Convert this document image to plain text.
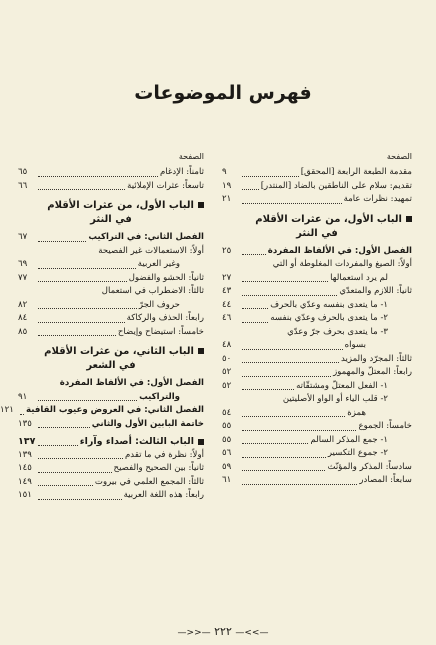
فهرس الموضوعات
الصفحة
مقدمة الطبعة الرابعة [المحقق]
٩
تقديم: سلام على الناطقين بالضاد [المنتدر]
١٩
تمهيد: نظرات عامة
٢١
الباب الأول، من عثرات الأقلام
في النثر
الفصل الأول: في الألفاظ المفردة
٢٥
أولاً: الصيغ والمفردات المغلوطة أو التي
لم يرد استعمالها
٢٧
ثانياً: اللازم والمتعدّي
٤٣
١- ما يتعدى بنفسه وعدّي بالحرف
٤٤
٢- ما يتعدى بالحرف وعدّي بنفسه
٤٦
٣- ما يتعدى بحرف جرّ وعدّي
بسواه
٤٨
ثالثاً: المجرّد والمزيد
٥٠
رابعاً: المعتلّ والمهموز
٥٢
١- الفعل المعتلّ ومشتقّاته
٥٢
٢- قلب الياء أو الواو الأصليتين
همزة
٥٤
خامساً: الجموع
٥٥
١- جمع المذكر السالم
٥٥
٢- جموع التكسير
٥٦
سادساً: المذكر والمؤنّث
٥٩
سابعاً: المصادر
٦١
الصفحة
ثامناً: الإدغام
٦٥
تاسعاً: عثرات الإملائية
٦٦
الباب الأول، من عثرات الأقلام
في النثر
الفصل الثاني: في التراكيب
٦٧
أولاً: الاستعمالات غير الفصيحة
وغير العربية
٦٩
ثانياً: الحشو والفضول
٧٧
ثالثاً: الاضطراب في استعمال
حروف الجرّ
٨٢
رابعاً: الحذف والركاكة
٨٤
خامساً: استيضاح وإيضاح
٨٥
الباب الثاني، من عثرات الأقلام
في الشعر
الفصل الأول: في الألفاظ المفردة
والتراكيب
٩١
الفصل الثاني: في العروض وعيوب القافية
١٢١
خاتمة البابين الأول والثاني
١٣٥
الباب الثالث: أصداء وآراء
١٣٧
أولاً: نظرة في ما تقدم
١٣٩
ثانياً: بين الصحيح والفصيح
١٤٥
ثالثاً: المجمع العلمي في بيروت
١٤٩
رابعاً: هذه اللغة العربية
١٥١
—>>— ٢٢٢ —<<—
